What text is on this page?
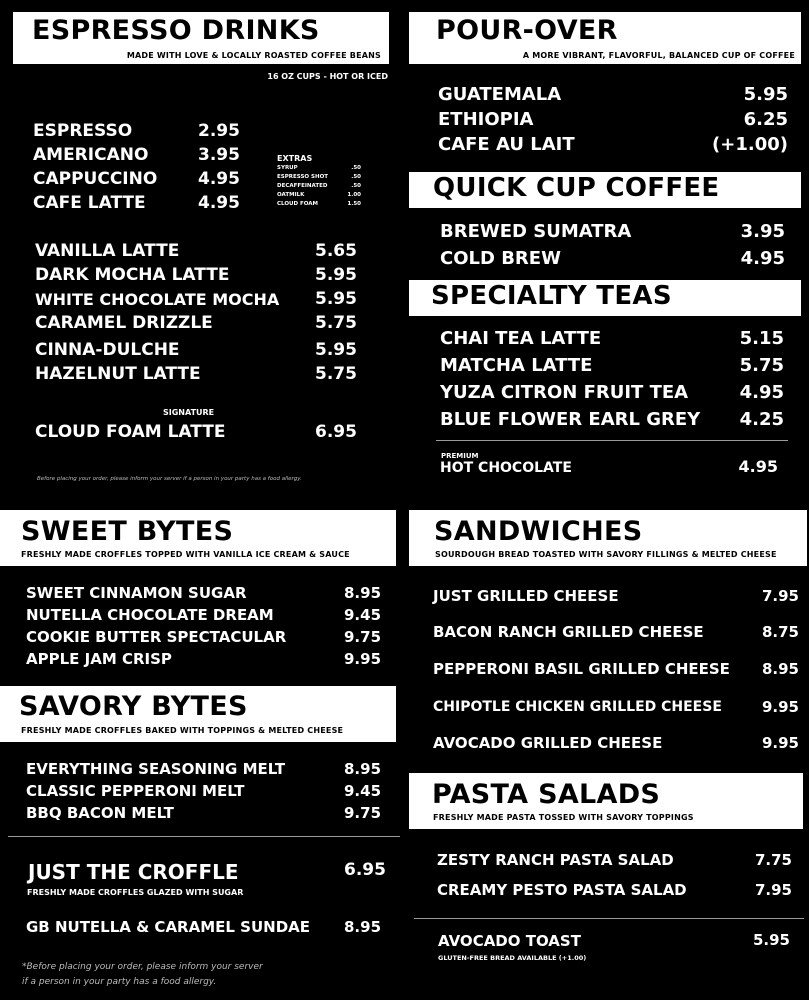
ESPRESSO DRINKS
MADE WITH LOVE & LOCALLY ROASTED COFFEE BEANS
16 OZ CUPS - HOT OR ICED
ESPRESSO	2.95
AMERICANO	3.95
CAPPUCCINO 4.95
CAFE LATTE	4.95
EXTRAS
SYRUP	.50
ESPRESSO SHOT	.50
DECAFFEINATED	.50
OATMILK	1.00
CLOUD FOAM	1.50
VANILLA LATTE	5.65
DARK MOCHA LATTE	5.95
WHITE CHOCOLATE MOCHA 5.95
CARAMEL DRIZZLE	5.75
CINNA-DULCHE	5.95
HAZELNUT LATTE	5.75
SIGNATURE
CLOUD FOAM LATTE	6.95
Before placing your order, please inform your server if a person in your party has a food allergy.
POUR-OVER
A MORE VIBRANT, FLAVORFUL, BALANCED CUP OF COFFEE
GUATEMALA	5.95
ETHIOPIA	6.25
CAFE AU LAIT	(+1.00)
QUICK CUP COFFEE
BREWED SUMATRA	3.95
COLD BREW	4.95
SPECIALTY TEAS
CHAI TEA LATTE	5.15
MATCHA LATTE	5.75
YUZA CITRON FRUIT TEA	4.95
BLUE FLOWER EARL GREY 4.25
PREMIUM
HOT CHOCOLATE	4.95
SWEET BYTES
FRESHLY MADE CROFFLES TOPPED WITH VANILLA ICE CREAM & SAUCE
SWEET CINNAMON SUGAR	8.95
NUTELLA CHOCOLATE DREAM	9.45
COOKIE BUTTER SPECTACULAR	9.75
APPLE JAM CRISP	9.95
SAVORY BYTES
FRESHLY MADE CROFFLES BAKED WITH TOPPINGS & MELTED CHEESE
EVERYTHING SEASONING MELT	8.95
CLASSIC PEPPERONI MELT	9.45
BBQ BACON MELT	9.75
JUST THE CROFFLE	6.95
FRESHLY MADE CROFFLES GLAZED WITH SUGAR
GB NUTELLA & CARAMEL SUNDAE 8.95
*Before placing your order, please inform your server
if a person in your party has a food allergy.
SANDWICHES
SOURDOUGH BREAD TOASTED WITH SAVORY FILLINGS & MELTED CHEESE
JUST GRILLED CHEESE	7.95
BACON RANCH GRILLED CHEESE	8.75
PEPPERONI BASIL GRILLED CHEESE 8.95
CHIPOTLE CHICKEN GRILLED CHEESE	9.95
AVOCADO GRILLED CHEESE	9.95
PASTA SALADS
FRESHLY MADE PASTA TOSSED WITH SAVORY TOPPINGS
ZESTY RANCH PASTA SALAD	7.75
CREAMY PESTO PASTA SALAD	7.95
AVOCADO TOAST	5.95
GLUTEN-FREE BREAD AVAILABLE (+1.00)
